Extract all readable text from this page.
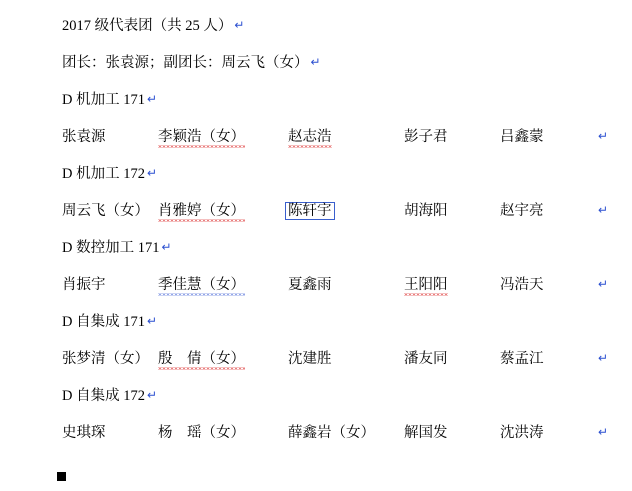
2017 级代表团（共 25 人） ↵
团长：张袁源；副团长：周云飞（女） ↵
D 机加工 171 ↵
张袁源	李颖浩（女）	赵志浩	彭子君	吕鑫蒙	↵
D 机加工 172 ↵
周云飞（女） 肖雅婷（女）	陈轩宇	胡海阳	赵宇亮	↵
D 数控加工 171 ↵
肖振宇	季佳慧（女）	夏鑫雨	王阳阳	冯浩天	↵
D 自集成 171 ↵
张梦清（女） 殷　倩（女）	沈建胜	潘友同	蔡孟江	↵
D 自集成 172 ↵
史琪琛	杨　瑶（女）	薛鑫岩（女） 解国发	沈洪涛	↵
